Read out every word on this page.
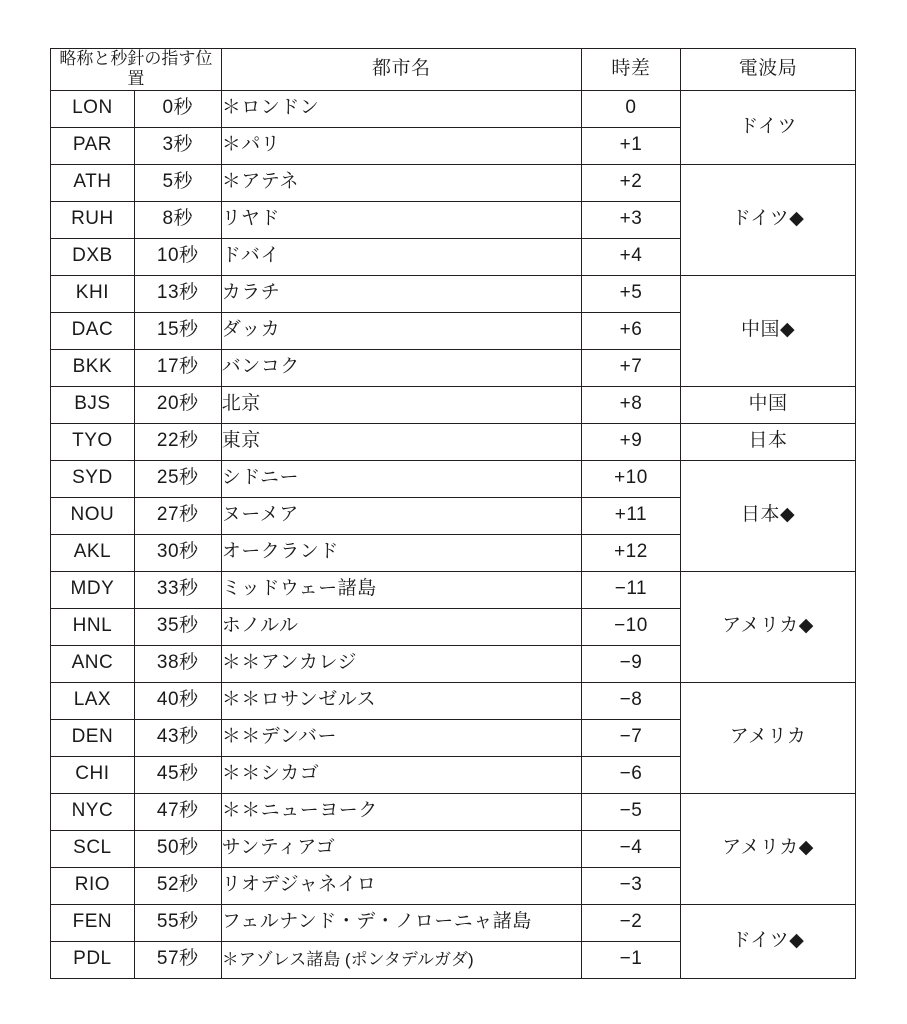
略称と秒針の指す位置		都市名	時差	電波局
LON	0秒	＊ロンドン	0	ドイツ
PAR	3秒	＊パリ	+1	
ATH	5秒	＊アテネ	+2	ドイツ◆
RUH	8秒	リヤド	+3	
DXB	10秒	ドバイ	+4	
KHI	13秒	カラチ	+5	中国◆
DAC	15秒	ダッカ	+6	
BKK	17秒	バンコク	+7	
BJS	20秒	北京	+8	中国
TYO	22秒	東京	+9	日本
SYD	25秒	シドニー	+10	日本◆
NOU	27秒	ヌーメア	+11	
AKL	30秒	オークランド	+12	
MDY	33秒	ミッドウェー諸島	−11	アメリカ◆
HNL	35秒	ホノルル	−10	
ANC	38秒	＊＊アンカレジ	−9	
LAX	40秒	＊＊ロサンゼルス	−8	アメリカ
DEN	43秒	＊＊デンバー	−7	
CHI	45秒	＊＊シカゴ	−6	
NYC	47秒	＊＊ニューヨーク	−5	アメリカ◆
SCL	50秒	サンティアゴ	−4	
RIO	52秒	リオデジャネイロ	−3	
FEN	55秒	フェルナンド・デ・ノローニャ諸島	−2	ドイツ◆
PDL	57秒	＊アゾレス諸島 (ポンタデルガダ)	−1	
